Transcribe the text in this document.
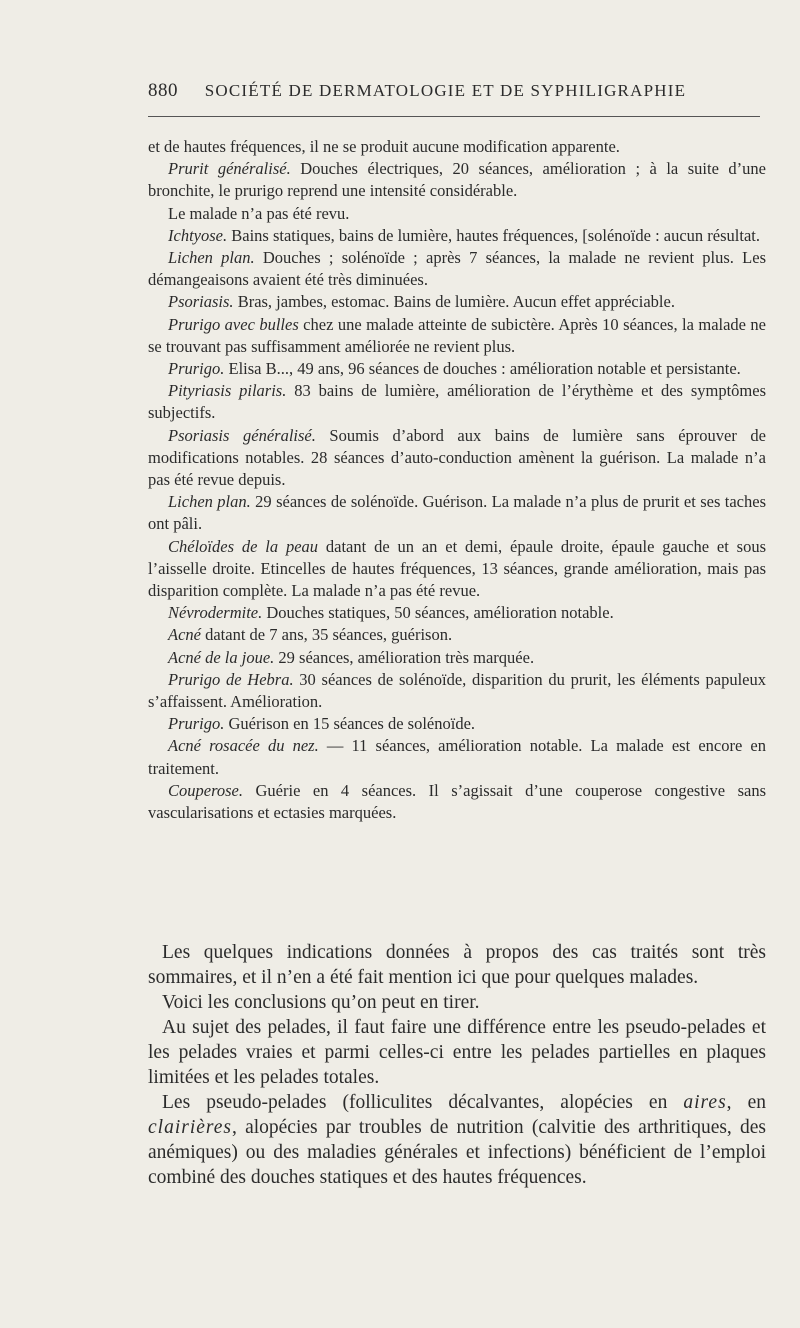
880 SOCIÉTÉ DE DERMATOLOGIE ET DE SYPHILIGRAPHIE

et de hautes fréquences, il ne se produit aucune modification apparente.

Prurit généralisé. Douches électriques, 20 séances, amélioration ; à la suite d’une bronchite, le prurigo reprend une intensité considérable.

Le malade n’a pas été revu.

Ichtyose. Bains statiques, bains de lumière, hautes fréquences, [solénoïde : aucun résultat.

Lichen plan. Douches ; solénoïde ; après 7 séances, la malade ne revient plus. Les démangeaisons avaient été très diminuées.

Psoriasis. Bras, jambes, estomac. Bains de lumière. Aucun effet appréciable.

Prurigo avec bulles chez une malade atteinte de subictère. Après 10 séances, la malade ne se trouvant pas suffisamment améliorée ne revient plus.

Prurigo. Elisa B..., 49 ans, 96 séances de douches : amélioration notable et persistante.

Pityriasis pilaris. 83 bains de lumière, amélioration de l’érythème et des symptômes subjectifs.

Psoriasis généralisé. Soumis d’abord aux bains de lumière sans éprouver de modifications notables. 28 séances d’auto-conduction amènent la guérison. La malade n’a pas été revue depuis.

Lichen plan. 29 séances de solénoïde. Guérison. La malade n’a plus de prurit et ses taches ont pâli.

Chéloïdes de la peau datant de un an et demi, épaule droite, épaule gauche et sous l’aisselle droite. Etincelles de hautes fréquences, 13 séances, grande amélioration, mais pas disparition complète. La malade n’a pas été revue.

Névrodermite. Douches statiques, 50 séances, amélioration notable.

Acné datant de 7 ans, 35 séances, guérison.

Acné de la joue. 29 séances, amélioration très marquée.

Prurigo de Hebra. 30 séances de solénoïde, disparition du prurit, les éléments papuleux s’affaissent. Amélioration.

Prurigo. Guérison en 15 séances de solénoïde.

Acné rosacée du nez. — 11 séances, amélioration notable. La malade est encore en traitement.

Couperose. Guérie en 4 séances. Il s’agissait d’une couperose congestive sans vascularisations et ectasies marquées.

Les quelques indications données à propos des cas traités sont très sommaires, et il n’en a été fait mention ici que pour quelques malades.

Voici les conclusions qu’on peut en tirer.

Au sujet des pelades, il faut faire une différence entre les pseudo-pelades et les pelades vraies et parmi celles-ci entre les pelades partielles en plaques limitées et les pelades totales.

Les pseudo-pelades (folliculites décalvantes, alopécies en aires, en clairières, alopécies par troubles de nutrition (calvitie des arthritiques, des anémiques) ou des maladies générales et infections) bénéficient de l’emploi combiné des douches statiques et des hautes fréquences.
